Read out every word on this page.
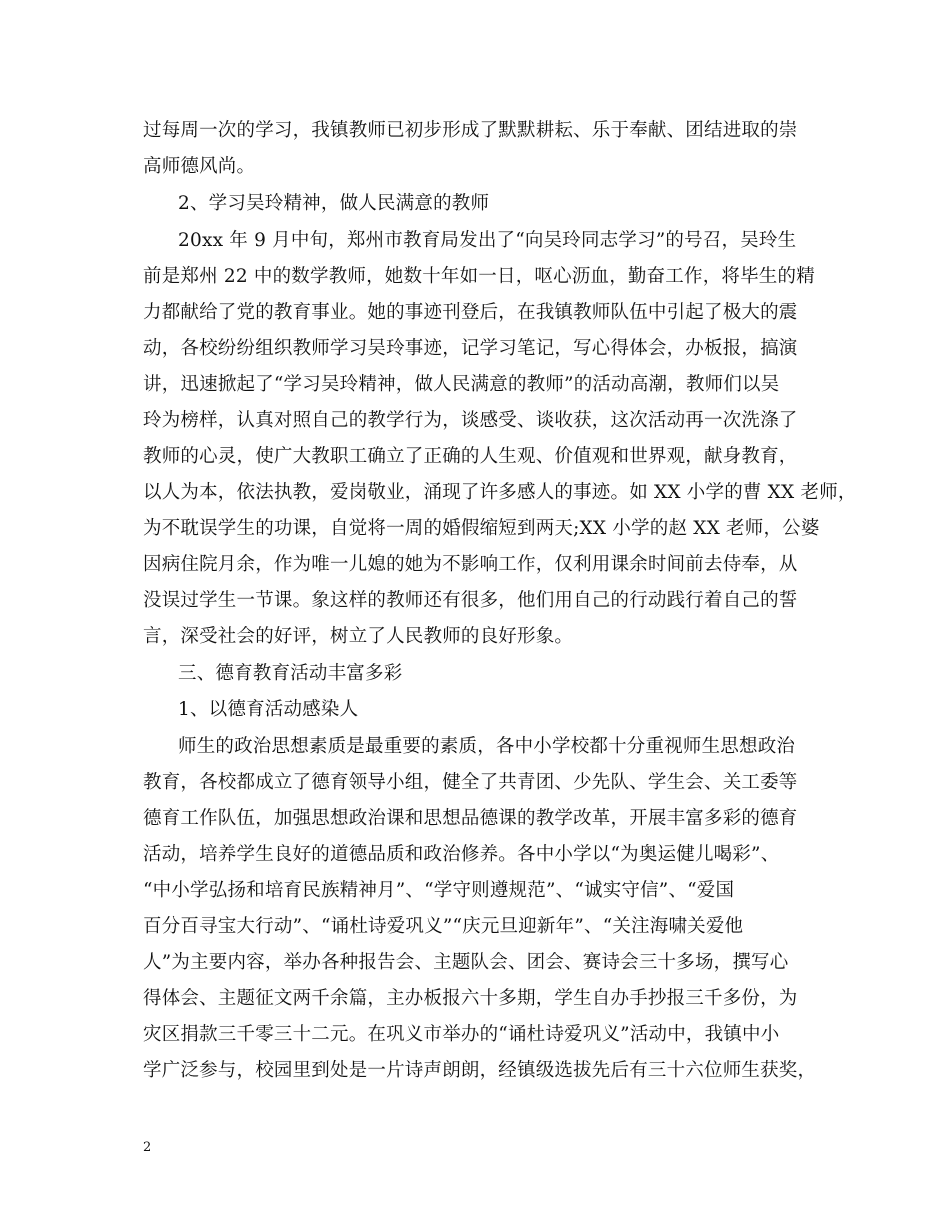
过每周一次的学习，我镇教师已初步形成了默默耕耘、乐于奉献、团结进取的崇
高师德风尚。
2、学习吴玲精神，做人民满意的教师
20xx 年 9 月中旬，郑州市教育局发出了“向吴玲同志学习”的号召，吴玲生
前是郑州 22 中的数学教师，她数十年如一日，呕心沥血，勤奋工作，将毕生的精
力都献给了党的教育事业。她的事迹刊登后，在我镇教师队伍中引起了极大的震
动，各校纷纷组织教师学习吴玲事迹，记学习笔记，写心得体会，办板报，搞演
讲，迅速掀起了“学习吴玲精神，做人民满意的教师”的活动高潮，教师们以吴
玲为榜样，认真对照自己的教学行为，谈感受、谈收获，这次活动再一次洗涤了
教师的心灵，使广大教职工确立了正确的人生观、价值观和世界观，献身教育，
以人为本，依法执教，爱岗敬业，涌现了许多感人的事迹。如 XX 小学的曹 XX 老师，
为不耽误学生的功课，自觉将一周的婚假缩短到两天;XX 小学的赵 XX 老师，公婆
因病住院月余，作为唯一儿媳的她为不影响工作，仅利用课余时间前去侍奉，从
没误过学生一节课。象这样的教师还有很多，他们用自己的行动践行着自己的誓
言，深受社会的好评，树立了人民教师的良好形象。
三、德育教育活动丰富多彩
1、以德育活动感染人
师生的政治思想素质是最重要的素质，各中小学校都十分重视师生思想政治
教育，各校都成立了德育领导小组，健全了共青团、少先队、学生会、关工委等
德育工作队伍，加强思想政治课和思想品德课的教学改革，开展丰富多彩的德育
活动，培养学生良好的道德品质和政治修养。各中小学以“为奥运健儿喝彩”、
“中小学弘扬和培育民族精神月”、“学守则遵规范”、“诚实守信”、“爱国
百分百寻宝大行动”、“诵杜诗爱巩义”“庆元旦迎新年”、“关注海啸关爱他
人”为主要内容，举办各种报告会、主题队会、团会、赛诗会三十多场，撰写心
得体会、主题征文两千余篇，主办板报六十多期，学生自办手抄报三千多份，为
灾区捐款三千零三十二元。在巩义市举办的“诵杜诗爱巩义”活动中，我镇中小
学广泛参与，校园里到处是一片诗声朗朗，经镇级选拔先后有三十六位师生获奖，
2
